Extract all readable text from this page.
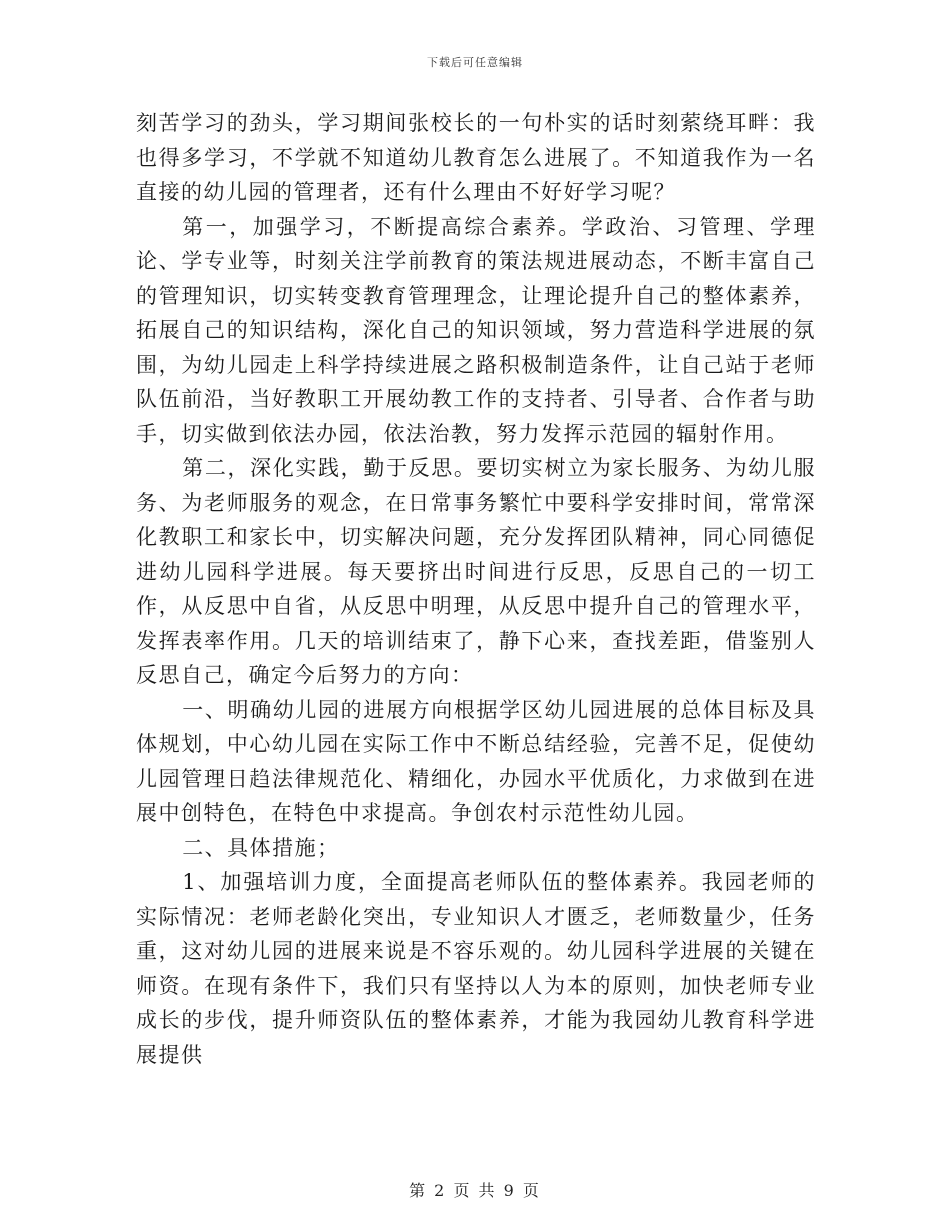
下载后可任意编辑

刻苦学习的劲头，学习期间张校长的一句朴实的话时刻萦绕耳畔：我也得多学习，不学就不知道幼儿教育怎么进展了。不知道我作为一名直接的幼儿园的管理者，还有什么理由不好好学习呢？

第一，加强学习，不断提高综合素养。学政治、习管理、学理论、学专业等，时刻关注学前教育的策法规进展动态，不断丰富自己的管理知识，切实转变教育管理理念，让理论提升自己的整体素养，拓展自己的知识结构，深化自己的知识领域，努力营造科学进展的氛围，为幼儿园走上科学持续进展之路积极制造条件，让自己站于老师队伍前沿，当好教职工开展幼教工作的支持者、引导者、合作者与助手，切实做到依法办园，依法治教，努力发挥示范园的辐射作用。

第二，深化实践，勤于反思。要切实树立为家长服务、为幼儿服务、为老师服务的观念，在日常事务繁忙中要科学安排时间，常常深化教职工和家长中，切实解决问题，充分发挥团队精神，同心同德促进幼儿园科学进展。每天要挤出时间进行反思，反思自己的一切工作，从反思中自省，从反思中明理，从反思中提升自己的管理水平，发挥表率作用。几天的培训结束了，静下心来，查找差距，借鉴别人反思自己，确定今后努力的方向：

一、明确幼儿园的进展方向根据学区幼儿园进展的总体目标及具体规划，中心幼儿园在实际工作中不断总结经验，完善不足，促使幼儿园管理日趋法律规范化、精细化，办园水平优质化，力求做到在进展中创特色，在特色中求提高。争创农村示范性幼儿园。

二、具体措施；

1、加强培训力度，全面提高老师队伍的整体素养。我园老师的实际情况：老师老龄化突出，专业知识人才匮乏，老师数量少，任务重，这对幼儿园的进展来说是不容乐观的。幼儿园科学进展的关键在师资。在现有条件下，我们只有坚持以人为本的原则，加快老师专业成长的步伐，提升师资队伍的整体素养，才能为我园幼儿教育科学进展提供

第 2 页 共 9 页
